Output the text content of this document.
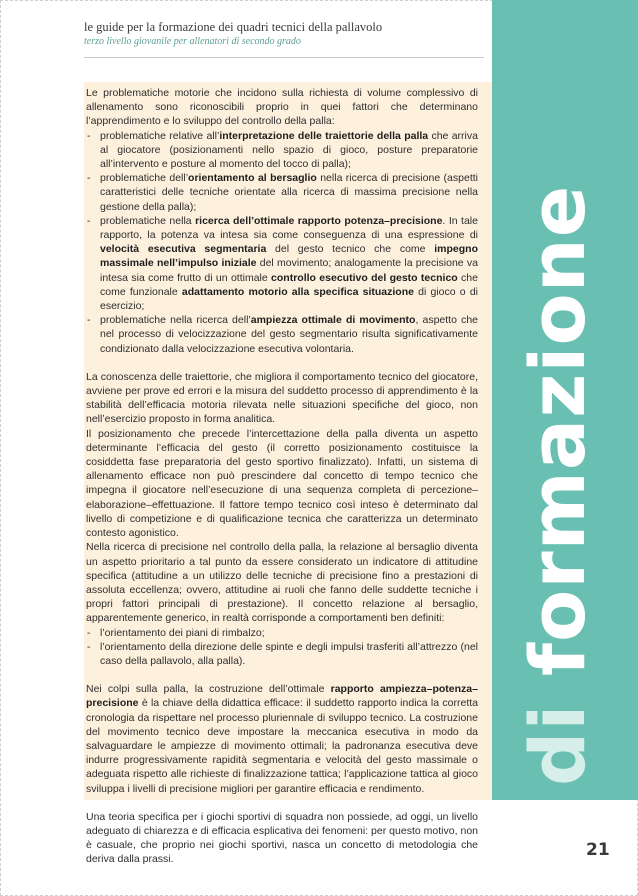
le guide per la formazione dei quadri tecnici della pallavolo
terzo livello giovanile per allenatori di secondo grado
di formazione

Le problematiche motorie che incidono sulla richiesta di volume complessivo di allenamento sono riconoscibili proprio in quei fattori che determinano l’apprendimento e lo sviluppo del controllo della palla:

- problematiche relative all’interpretazione delle traiettorie della palla che arriva al giocatore (posizionamenti nello spazio di gioco, posture preparatorie all’intervento e posture al momento del tocco di palla);
- problematiche dell’orientamento al bersaglio nella ricerca di precisione (aspetti caratteristici delle tecniche orientate alla ricerca di massima precisione nella gestione della palla);
- problematiche nella ricerca dell’ottimale rapporto potenza–precisione. In tale rapporto, la potenza va intesa sia come conseguenza di una espressione di velocità esecutiva segmentaria del gesto tecnico che come impegno massimale nell’impulso iniziale del movimento; analogamente la precisione va intesa sia come frutto di un ottimale controllo esecutivo del gesto tecnico che come funzionale adattamento motorio alla specifica situazione di gioco o di esercizio;
- problematiche nella ricerca dell’ampiezza ottimale di movimento, aspetto che nel processo di velocizzazione del gesto segmentario risulta significativamente condizionato dalla velocizzazione esecutiva volontaria.

La conoscenza delle traiettorie, che migliora il comportamento tecnico del giocatore, avviene per prove ed errori e la misura del suddetto processo di apprendimento è la stabilità dell’efficacia motoria rilevata nelle situazioni specifiche del gioco, non nell’esercizio proposto in forma analitica.

Il posizionamento che precede l’intercettazione della palla diventa un aspetto determinante l’efficacia del gesto (il corretto posizionamento costituisce la cosiddetta fase preparatoria del gesto sportivo finalizzato). Infatti, un sistema di allenamento efficace non può prescindere dal concetto di tempo tecnico che impegna il giocatore nell’esecuzione di una sequenza completa di percezione–elaborazione–effettuazione. Il fattore tempo tecnico così inteso è determinato dal livello di competizione e di qualificazione tecnica che caratterizza un determinato contesto agonistico.

Nella ricerca di precisione nel controllo della palla, la relazione al bersaglio diventa un aspetto prioritario a tal punto da essere considerato un indicatore di attitudine specifica (attitudine a un utilizzo delle tecniche di precisione fino a prestazioni di assoluta eccellenza; ovvero, attitudine ai ruoli che fanno delle suddette tecniche i propri fattori principali di prestazione). Il concetto relazione al bersaglio, apparentemente generico, in realtà corrisponde a comportamenti ben definiti:

- l’orientamento dei piani di rimbalzo;
- l’orientamento della direzione delle spinte e degli impulsi trasferiti all’attrezzo (nel caso della pallavolo, alla palla).

Nei colpi sulla palla, la costruzione dell’ottimale rapporto ampiezza–potenza–precisione è la chiave della didattica efficace: il suddetto rapporto indica la corretta cronologia da rispettare nel processo pluriennale di sviluppo tecnico. La costruzione del movimento tecnico deve impostare la meccanica esecutiva in modo da salvaguardare le ampiezze di movimento ottimali; la padronanza esecutiva deve indurre progressivamente rapidità segmentaria e velocità del gesto massimale o adeguata rispetto alle richieste di finalizzazione tattica; l’applicazione tattica al gioco sviluppa i livelli di precisione migliori per garantire efficacia e rendimento.

Una teoria specifica per i giochi sportivi di squadra non possiede, ad oggi, un livello adeguato di chiarezza e di efficacia esplicativa dei fenomeni: per questo motivo, non è casuale, che proprio nei giochi sportivi, nasca un concetto di metodologia che deriva dalla prassi.	21
